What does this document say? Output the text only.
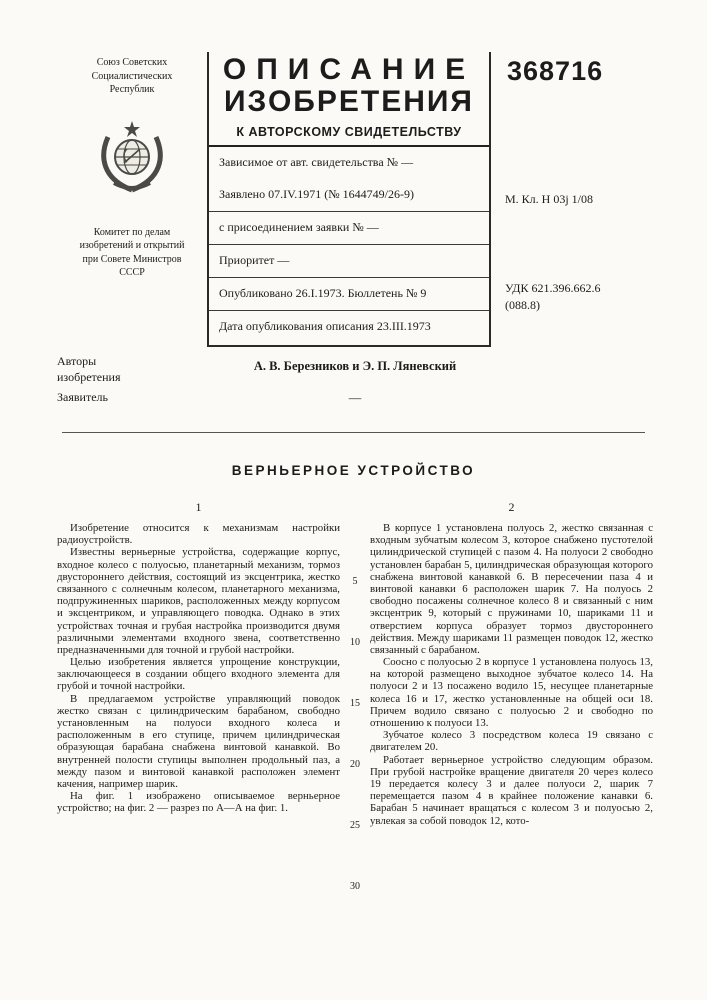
Союз Советских
Социалистических
Республик
Комитет по делам
изобретений и открытий
при Совете Министров
СССР
ОПИСАНИЕ
ИЗОБРЕТЕНИЯ
К АВТОРСКОМУ СВИДЕТЕЛЬСТВУ
Зависимое от авт. свидетельства № —
Заявлено 07.IV.1971 (№ 1644749/26-9)
с присоединением заявки № —
Приоритет —
Опубликовано 26.I.1973. Бюллетень № 9
Дата опубликования описания 23.III.1973
368716
М. Кл. Н 03j 1/08
УДК 621.396.662.6
(088.8)
Авторы
изобретения
А. В. Березников и Э. П. Ляневский
Заявитель	—
ВЕРНЬЕРНОЕ УСТРОЙСТВО

1

Изобретение относится к механизмам настройки радиоустройств.

Известны верньерные устройства, содержащие корпус, входное колесо с полуосью, планетарный механизм, тормоз двустороннего действия, состоящий из эксцентрика, жестко связанного с солнечным колесом, планетарного механизма, подпружиненных шариков, расположенных между корпусом и эксцентриком, и управляющего поводка. Однако в этих устройствах точная и грубая настройка производится двумя различными элементами входного звена, соответственно предназначенными для точной и грубой настройки.

Целью изобретения является упрощение конструкции, заключающееся в создании общего входного элемента для грубой и точной настройки.

В предлагаемом устройстве управляющий поводок жестко связан с цилиндрическим барабаном, свободно установленным на полуоси входного колеса и расположенным в его ступице, причем цилиндрическая образующая барабана снабжена винтовой канавкой. Во внутренней полости ступицы выполнен продольный паз, а между пазом и винтовой канавкой расположен элемент качения, например шарик.

На фиг. 1 изображено описываемое верньерное устройство; на фиг. 2 — разрез по А—А на фиг. 1.

5
10
15
20
25
30

2

В корпусе 1 установлена полуось 2, жестко связанная с входным зубчатым колесом 3, которое снабжено пустотелой цилиндрической ступицей с пазом 4. На полуоси 2 свободно установлен барабан 5, цилиндрическая образующая которого снабжена винтовой канавкой 6. В пересечении паза 4 и винтовой канавки 6 расположен шарик 7. На полуось 2 свободно посажены солнечное колесо 8 и связанный с ним эксцентрик 9, который с пружинами 10, шариками 11 и отверстием корпуса образует тормоз двустороннего действия. Между шариками 11 размещен поводок 12, жестко связанный с барабаном.

Соосно с полуосью 2 в корпусе 1 установлена полуось 13, на которой размещено выходное зубчатое колесо 14. На полуоси 2 и 13 посажено водило 15, несущее планетарные колеса 16 и 17, жестко установленные на общей оси 18. Причем водило связано с полуосью 2 и свободно по отношению к полуоси 13.

Зубчатое колесо 3 посредством колеса 19 связано с двигателем 20.

Работает верньерное устройство следующим образом. При грубой настройке вращение двигателя 20 через колесо 19 передается колесу 3 и далее полуоси 2, шарик 7 перемещается пазом 4 в крайнее положение канавки 6. Барабан 5 начинает вращаться с колесом 3 и полуосью 2, увлекая за собой поводок 12, кото-
